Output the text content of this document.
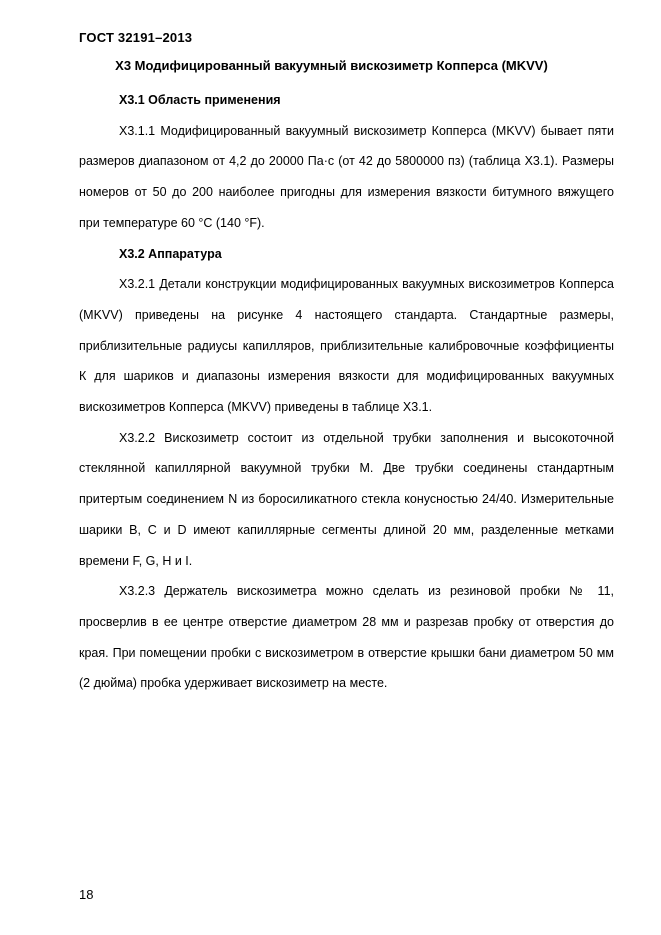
ГОСТ 32191–2013
Х3 Модифицированный вакуумный вискозиметр Копперса (MKVV)

Х3.1 Область применения

Х3.1.1 Модифицированный вакуумный вискозиметр Копперса (MKVV) бывает пяти размеров диапазоном от 4,2 до 20000 Па·с (от 42 до 5800000 пз) (таблица Х3.1). Размеры номеров от 50 до 200 наиболее пригодны для измерения вязкости битумного вяжущего при температуре 60 °С (140 °F).

Х3.2 Аппаратура

Х3.2.1 Детали конструкции модифицированных вакуумных вискозиметров Копперса (MKVV) приведены на рисунке 4 настоящего стандарта. Стандартные размеры, приблизительные радиусы капилляров, приблизительные калибровочные коэффициенты К для шариков и диапазоны измерения вязкости для модифицированных вакуумных вискозиметров Копперса (MKVV) приведены в таблице Х3.1.

Х3.2.2 Вискозиметр состоит из отдельной трубки заполнения и высокоточной стеклянной капиллярной вакуумной трубки М. Две трубки соединены стандартным притертым соединением N из боросиликатного стекла конусностью 24/40. Измерительные шарики В, С и D имеют капиллярные сегменты длиной 20 мм, разделенные метками времени F, G, H и I.

Х3.2.3 Держатель вискозиметра можно сделать из резиновой пробки № 11, просверлив в ее центре отверстие диаметром 28 мм и разрезав пробку от отверстия до края. При помещении пробки с вискозиметром в отверстие крышки бани диаметром 50 мм (2 дюйма) пробка удерживает вискозиметр на месте.

18
